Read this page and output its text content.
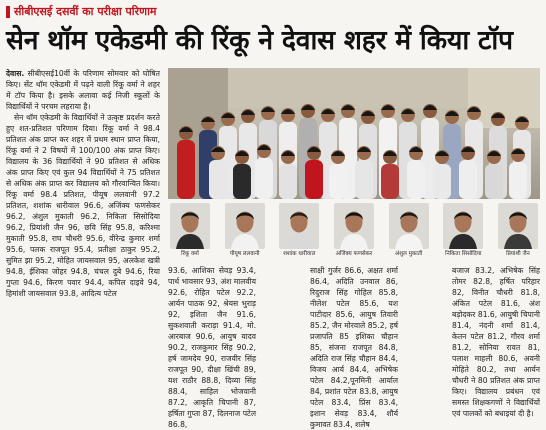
सीबीएसई दसवीं का परीक्षा परिणाम
सेन थॉम एकेडमी की रिंकू ने देवास शहर में किया टॉप

देवास. सीबीएसई10वीं के परिणाम सोमवार को घोषित किए। सेंट थॉम एकेडमी में पढ़ने वाली रिंकू वर्मा ने शहर में टॉप किया है। इसके अलावा कई निजी स्कूलों के विद्यार्थियों ने परचम लहराया है।

सेन थॉम एकेडमी के विद्यार्थियों ने उत्कृष्ट प्रदर्शन करते हुए शत-प्रतिशत परिणाम दिया। रिंकू वर्मा ने 98.4 प्रतिशत अंक प्राप्त कर शहर में प्रथम स्थान प्राप्त किया, रिंकू वर्मा ने 2 विषयों में 100/100 अंक प्राप्त किए। विद्यालय के 36 विद्यार्थियों ने 90 प्रतिशत से अधिक अंक प्राप्त किए एवं कुल 94 विद्यार्थियों ने 75 प्रतिशत से अधिक अंक प्राप्त कर विद्यालय को गौरवान्वित किया। रिंकू वर्मा 98.4 प्रतिशत, पीयूष ललवानी 97.2 प्रतिशत, शशांक धारीवाल 96.6, अजिंक्य फणसेकर 96.2, अंशुल मुकाती 96.2, निकिता सिसोदिया 96.2, प्रियांशी जैन 96, छवि सिंह 95.8, करिश्मा मुकाती 95.8, राघ चौधरी 95.6, वीरेन्द्र कुमार शर्मा 95.6, पलक राजपूत 95.4, प्रतीक्षा ठाकुर 95.2, सुमित झा 95.2, मोहित जायसवाल 95, अलकेश खत्री 94.8, ईशिका जोहर 94.8, चंचल दुबे 94.6, रिया गुप्ता 94.6, किरण पवार 94.4, कपिल दाइवे 94, हिमांशी जायसवाल 93.8, आदित्य पटेल

रिंकू वर्मा	पीयूष ललवानी	शशांक धारीवाल	अजिंक्य फणसेकर	अंशुल मुकाती	निकिता सिसोदिया	प्रियांशी जैन

93.6, आशिका सेवड़ 93.4, पार्थ भावसार 93, अंश मालवीय 92.6, रोहित पटेल 92.2, आर्यन पाठक 92, श्रेयस भुराड़ 92, इशिता जैन 91.6, सुकशवाती कराड़ा 91.4, मो. आरबाज 90.6, आयुष यादव 90.2, राजकुमार सिंह 90.2, हर्ष जामदेय 90, राजवीर सिंह राजपूत 90, दीक्षा खिंची 89, यश राठौर 88.8, दिव्या सिंह 88.4, साहिल भोजवानी 87.2, आकृति चिपानी 87, हर्षिता गुप्ता 87, दिलनाज पटेल 86.8,

साक्षी गुर्जर 86.6, अक्षत शर्मा 86.4, अदिति उनवाल 86, रिदुराज सिंह गोहिल 85.8, नीलेश पटेल 85.6, यश पाटीदार 85.6, आयुष तिवारी 85.2, जैन मोरवाले 85.2, हर्ष प्रजापति 85 इशिका चौहान 85, संजना राजपूत 84.8, अदिति राज सिंह चौहान 84.4, विजय आर्य 84.4, अभिषेक पटेल 84.2,पूनमिनी आर्याल 84, प्रशांत पटेल 83.8, आयुष पटेल 83.4, प्रिंस 83.4, इशान सेवड़ 83.4, शौर्य कुमावत 83.4, शलेष

बजाज 83.2, अभिषेक सिंह तोमर 82.8, हर्षित परिहार 82, विनीत चौधरी 81.8, अंकित पटेल 81.6, अंश बड़ोदकर 81.6, आयुषी चिपानी 81.4, नंदनी शर्मा 81.4, केतन पटेल 81.2, गौरव शर्मा 81.2, सोनिया रावत 81, पलाश माहली 80.6, अवनी मोहिते 80.2, तथा आर्यन चौधरी ने 80 प्रतिशत अंक प्राप्त किए। विद्यालय प्रबंधन एवं समस्त शिक्षकगणों ने विद्यार्थियों एवं पालकों को बधाइयां दी है।
